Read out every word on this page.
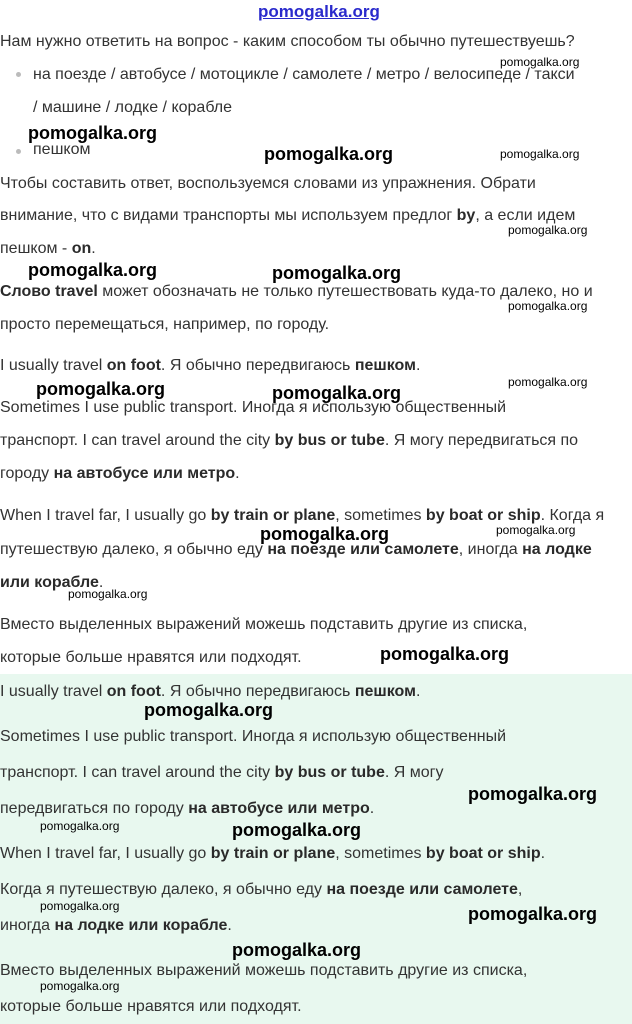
pomogalka.org
Нам нужно ответить на вопрос - каким способом ты обычно путешествуешь?
на поезде / автобусе / мотоцикле / самолете / метро / велосипеде / такси
/ машине / лодке / корабле
пешком
Чтобы составить ответ, воспользуемся словами из упражнения. Обрати
внимание, что с видами транспорты мы используем предлог by, а если идем
пешком - on.
Слово travel может обозначать не только путешествовать куда-то далеко, но и
просто перемещаться, например, по городу.
I usually travel on foot. Я обычно передвигаюсь пешком.
Sometimes I use public transport. Иногда я использую общественный
транспорт. I can travel around the city by bus or tube. Я могу передвигаться по
городу на автобусе или метро.
When I travel far, I usually go by train or plane, sometimes by boat or ship. Когда я
путешествую далеко, я обычно еду на поезде или самолете, иногда на лодке
или корабле.
Вместо выделенных выражений можешь подставить другие из списка,
которые больше нравятся или подходят.
I usually travel on foot. Я обычно передвигаюсь пешком.
Sometimes I use public transport. Иногда я использую общественный
транспорт. I can travel around the city by bus or tube. Я могу
передвигаться по городу на автобусе или метро.
When I travel far, I usually go by train or plane, sometimes by boat or ship.
Когда я путешествую далеко, я обычно еду на поезде или самолете,
иногда на лодке или корабле.
Вместо выделенных выражений можешь подставить другие из списка,
которые больше нравятся или подходят.
pomogalka.org
pomogalka.org
pomogalka.org	pomogalka.org
pomogalka.org
pomogalka.org	pomogalka.org
pomogalka.org
pomogalka.org
pomogalka.org	pomogalka.org
pomogalka.org	pomogalka.org
pomogalka.org
pomogalka.org
pomogalka.org
pomogalka.org
pomogalka.org	pomogalka.org
pomogalka.org	pomogalka.org
pomogalka.org
pomogalka.org
